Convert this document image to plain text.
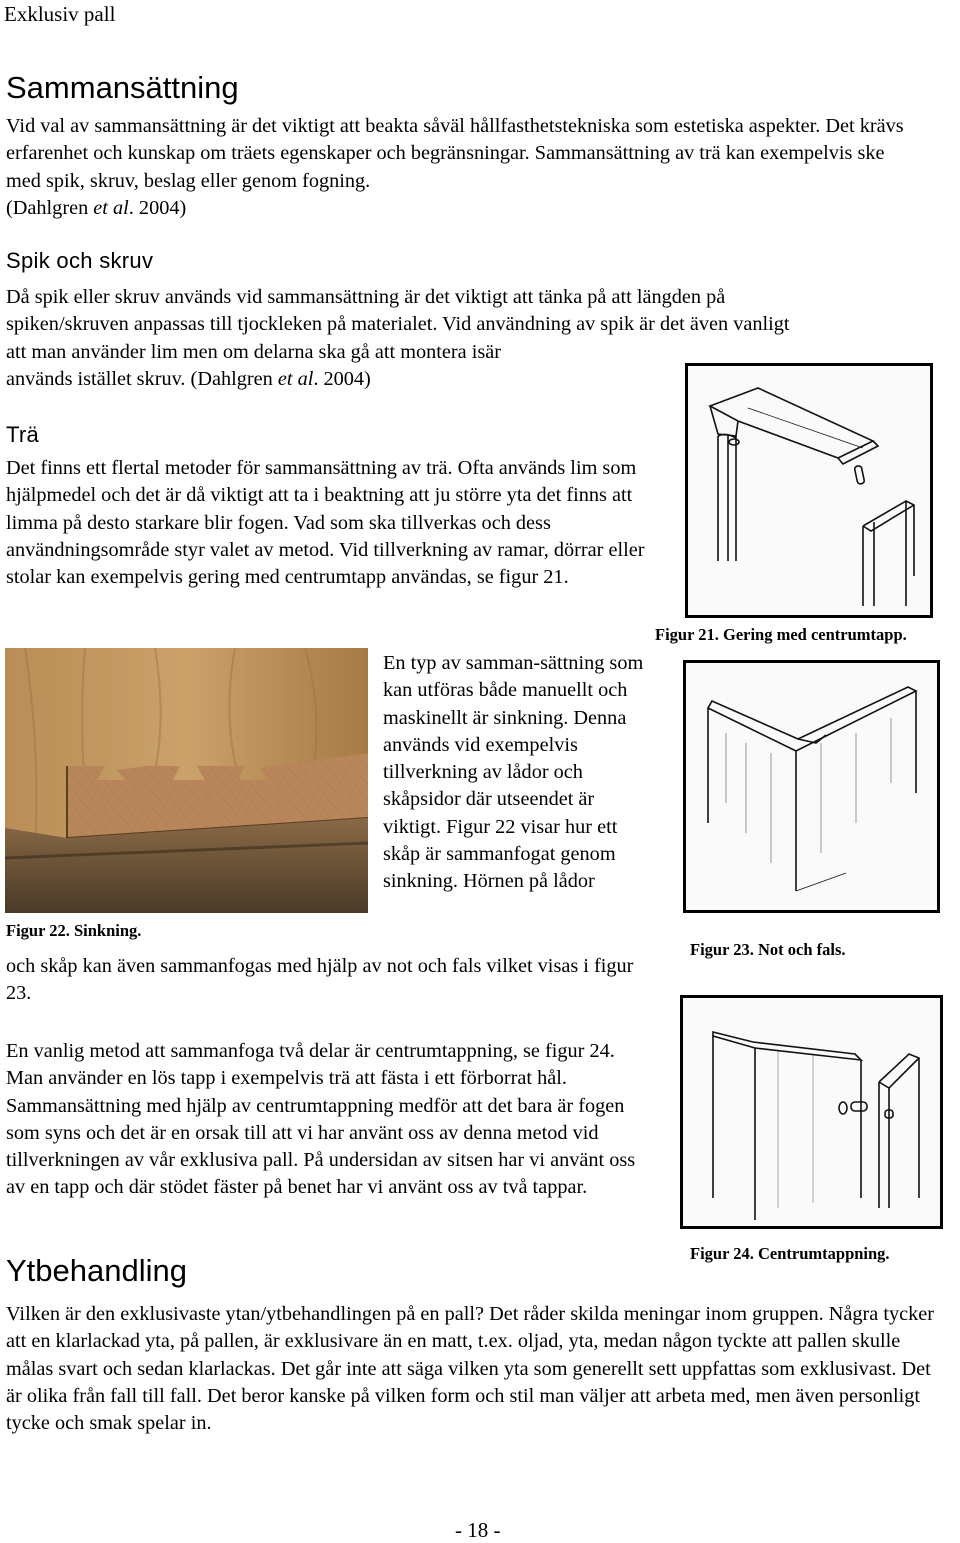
Exklusiv pall
Sammansättning

Vid val av sammansättning är det viktigt att beakta såväl hållfasthetstekniska som estetiska aspekter. Det krävs erfarenhet och kunskap om träets egenskaper och begränsningar. Sammansättning av trä kan exempelvis ske med spik, skruv, beslag eller genom fogning.
(Dahlgren et al. 2004)

Spik och skruv

Då spik eller skruv används vid sammansättning är det viktigt att tänka på att längden på
spiken/skruven anpassas till tjockleken på materialet. Vid användning av spik är det även vanligt
att man använder lim men om delarna ska gå att montera isär
används istället skruv. (Dahlgren et al. 2004)

Trä

Det finns ett flertal metoder för sammansättning av trä. Ofta används lim som hjälpmedel och det är då viktigt att ta i beaktning att ju större yta det finns att limma på desto starkare blir fogen. Vad som ska tillverkas och dess användningsområde styr valet av metod. Vid tillverkning av ramar, dörrar eller stolar kan exempelvis gering med centrumtapp användas, se figur 21.

Figur 21. Gering med centrumtapp.
Figur 22. Sinkning.

En typ av samman-sättning som kan utföras både manuellt och maskinellt är sinkning. Denna används vid exempelvis tillverkning av lådor och skåpsidor där utseendet är viktigt. Figur 22 visar hur ett skåp är sammanfogat genom sinkning. Hörnen på lådor

och skåp kan även sammanfogas med hjälp av not och fals vilket visas i figur 23.

Figur 23. Not och fals.

En vanlig metod att sammanfoga två delar är centrumtappning, se figur 24. Man använder en lös tapp i exempelvis trä att fästa i ett förborrat hål. Sammansättning med hjälp av centrumtappning medför att det bara är fogen som syns och det är en orsak till att vi har använt oss av denna metod vid tillverkningen av vår exklusiva pall. På undersidan av sitsen har vi använt oss av en tapp och där stödet fäster på benet har vi använt oss av två tappar.

Figur 24. Centrumtappning.
Ytbehandling

Vilken är den exklusivaste ytan/ytbehandlingen på en pall? Det råder skilda meningar inom gruppen. Några tycker att en klarlackad yta, på pallen, är exklusivare än en matt, t.ex. oljad, yta, medan någon tyckte att pallen skulle målas svart och sedan klarlackas. Det går inte att säga vilken yta som generellt sett uppfattas som exklusivast. Det är olika från fall till fall. Det beror kanske på vilken form och stil man väljer att arbeta med, men även personligt tycke och smak spelar in.

- 18 -
